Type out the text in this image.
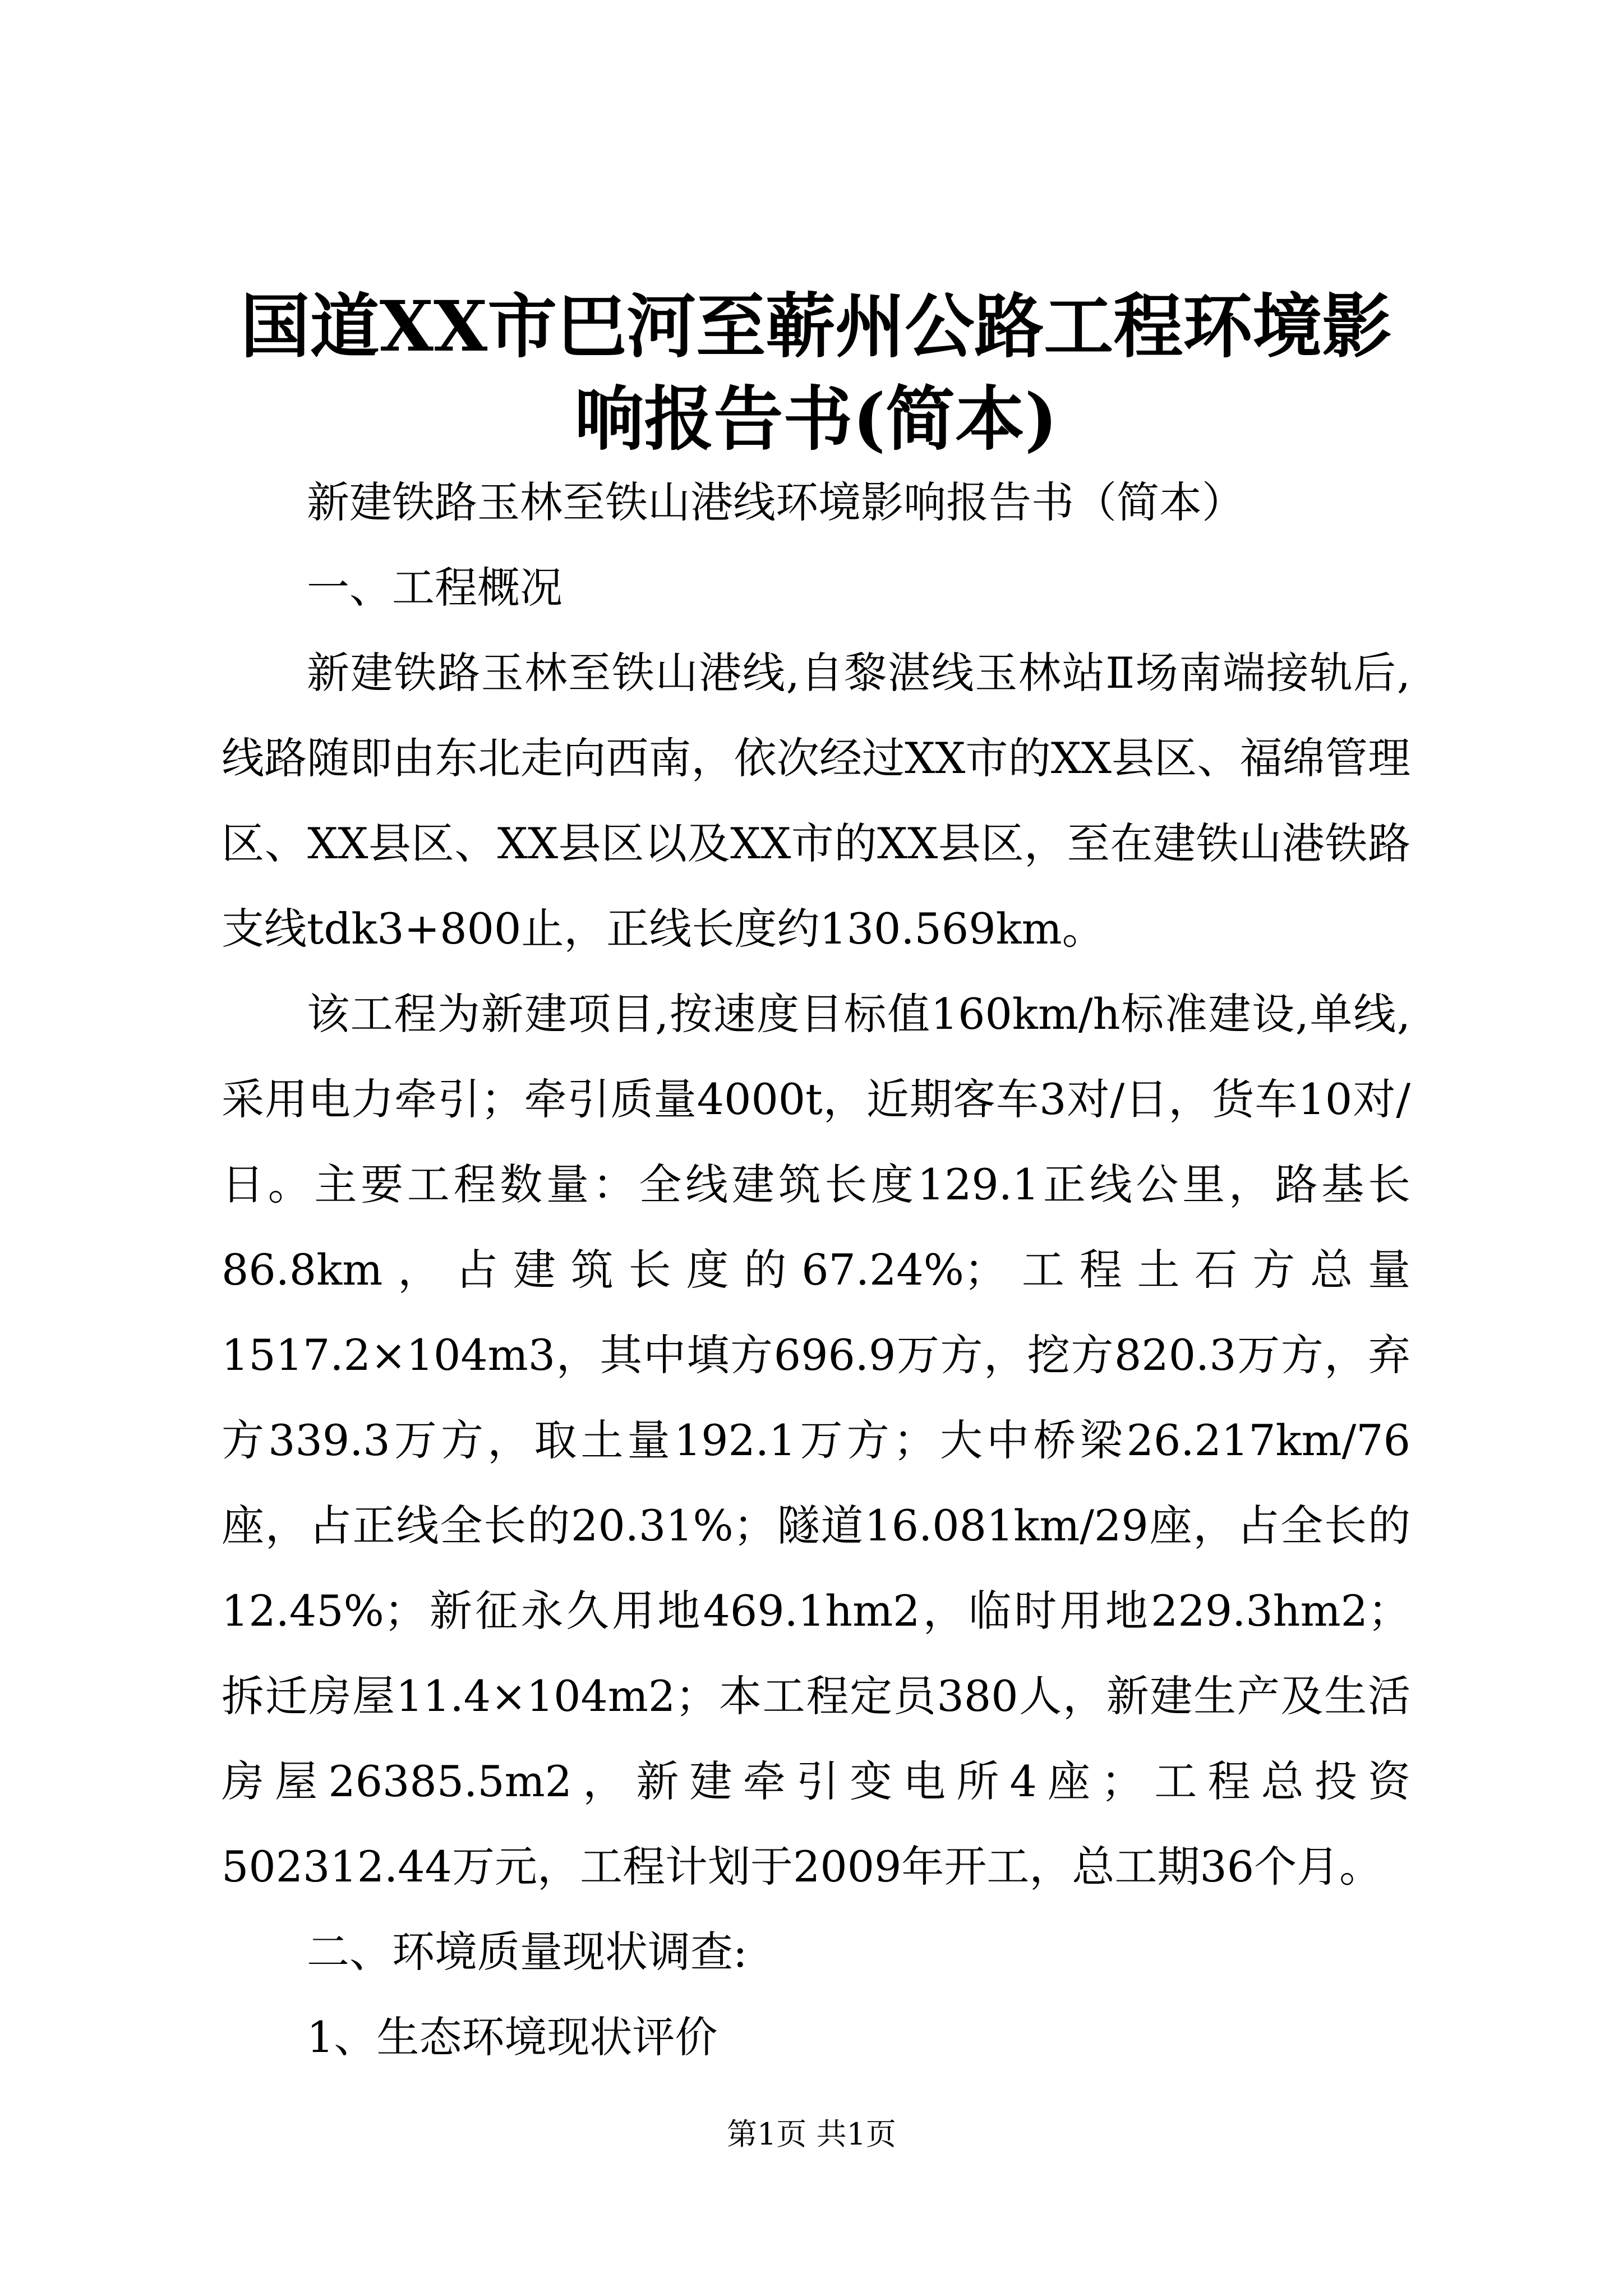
国道XX市巴河至蕲州公路工程环境影响报告书(简本)

新建铁路玉林至铁山港线环境影响报告书（简本）

一、工程概况

新建铁路玉林至铁山港线,自黎湛线玉林站Ⅱ场南端接轨后,线路随即由东北走向西南，依次经过XX市的XX县区、福绵管理区、XX县区、XX县区以及XX市的XX县区，至在建铁山港铁路支线tdk3+800止，正线长度约130.569km。

该工程为新建项目,按速度目标值160km/h标准建设,单线,采用电力牵引；牵引质量4000t，近期客车3对/日，货车10对/日。主要工程数量：全线建筑长度129.1正线公里，路基长86.8km，占建筑长度的67.24%；工程土石方总量1517.2×104m3，其中填方696.9万方，挖方820.3万方，弃方339.3万方，取土量192.1万方；大中桥梁26.217km/76座，占正线全长的20.31%；隧道16.081km/29座，占全长的12.45%；新征永久用地469.1hm2，临时用地229.3hm2；拆迁房屋11.4×104m2；本工程定员380人，新建生产及生活房屋26385.5m2，新建牵引变电所4座；工程总投资502312.44万元，工程计划于2009年开工，总工期36个月。

二、环境质量现状调查:

1、生态环境现状评价

第1页 共1页
